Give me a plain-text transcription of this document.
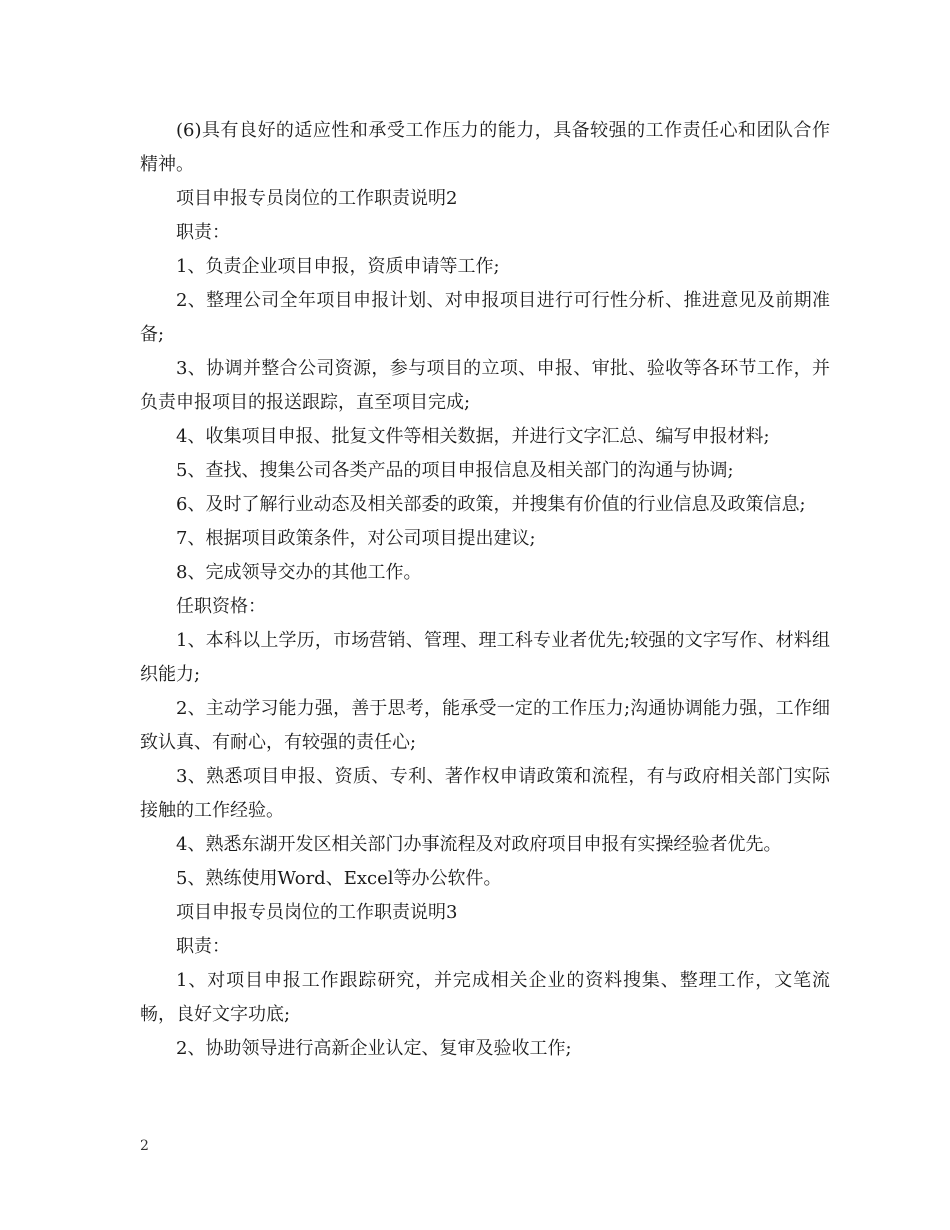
(6)具有良好的适应性和承受工作压力的能力，具备较强的工作责任心和团队合作精神。

项目申报专员岗位的工作职责说明2

职责：

1、负责企业项目申报，资质申请等工作;

2、整理公司全年项目申报计划、对申报项目进行可行性分析、推进意见及前期准备;

3、协调并整合公司资源，参与项目的立项、申报、审批、验收等各环节工作，并负责申报项目的报送跟踪，直至项目完成;

4、收集项目申报、批复文件等相关数据，并进行文字汇总、编写申报材料;

5、查找、搜集公司各类产品的项目申报信息及相关部门的沟通与协调;

6、及时了解行业动态及相关部委的政策，并搜集有价值的行业信息及政策信息;

7、根据项目政策条件，对公司项目提出建议;

8、完成领导交办的其他工作。

任职资格：

1、本科以上学历，市场营销、管理、理工科专业者优先;较强的文字写作、材料组织能力;

2、主动学习能力强，善于思考，能承受一定的工作压力;沟通协调能力强，工作细致认真、有耐心，有较强的责任心;

3、熟悉项目申报、资质、专利、著作权申请政策和流程，有与政府相关部门实际接触的工作经验。

4、熟悉东湖开发区相关部门办事流程及对政府项目申报有实操经验者优先。

5、熟练使用Word、Excel等办公软件。

项目申报专员岗位的工作职责说明3

职责：

1、对项目申报工作跟踪研究，并完成相关企业的资料搜集、整理工作，文笔流畅，良好文字功底;

2、协助领导进行高新企业认定、复审及验收工作;

2
